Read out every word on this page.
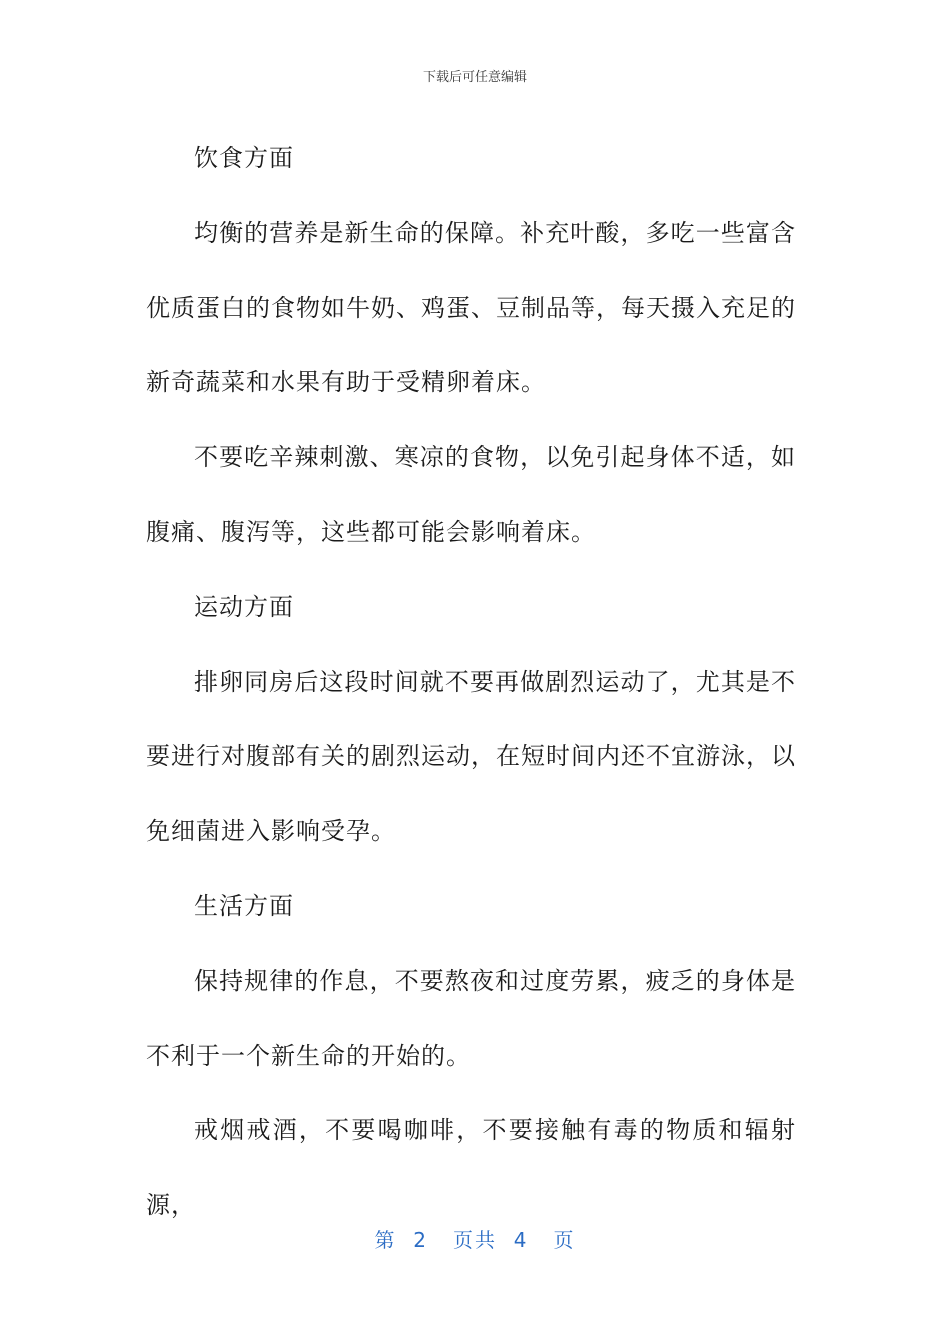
下载后可任意编辑

饮食方面

均衡的营养是新生命的保障。补充叶酸，多吃一些富含优质蛋白的食物如牛奶、鸡蛋、豆制品等，每天摄入充足的新奇蔬菜和水果有助于受精卵着床。

不要吃辛辣刺激、寒凉的食物，以免引起身体不适，如腹痛、腹泻等，这些都可能会影响着床。

运动方面

排卵同房后这段时间就不要再做剧烈运动了，尤其是不要进行对腹部有关的剧烈运动，在短时间内还不宜游泳，以免细菌进入影响受孕。

生活方面

保持规律的作息，不要熬夜和过度劳累，疲乏的身体是不利于一个新生命的开始的。

戒烟戒酒，不要喝咖啡，不要接触有毒的物质和辐射源，

第 2 页共 4 页
